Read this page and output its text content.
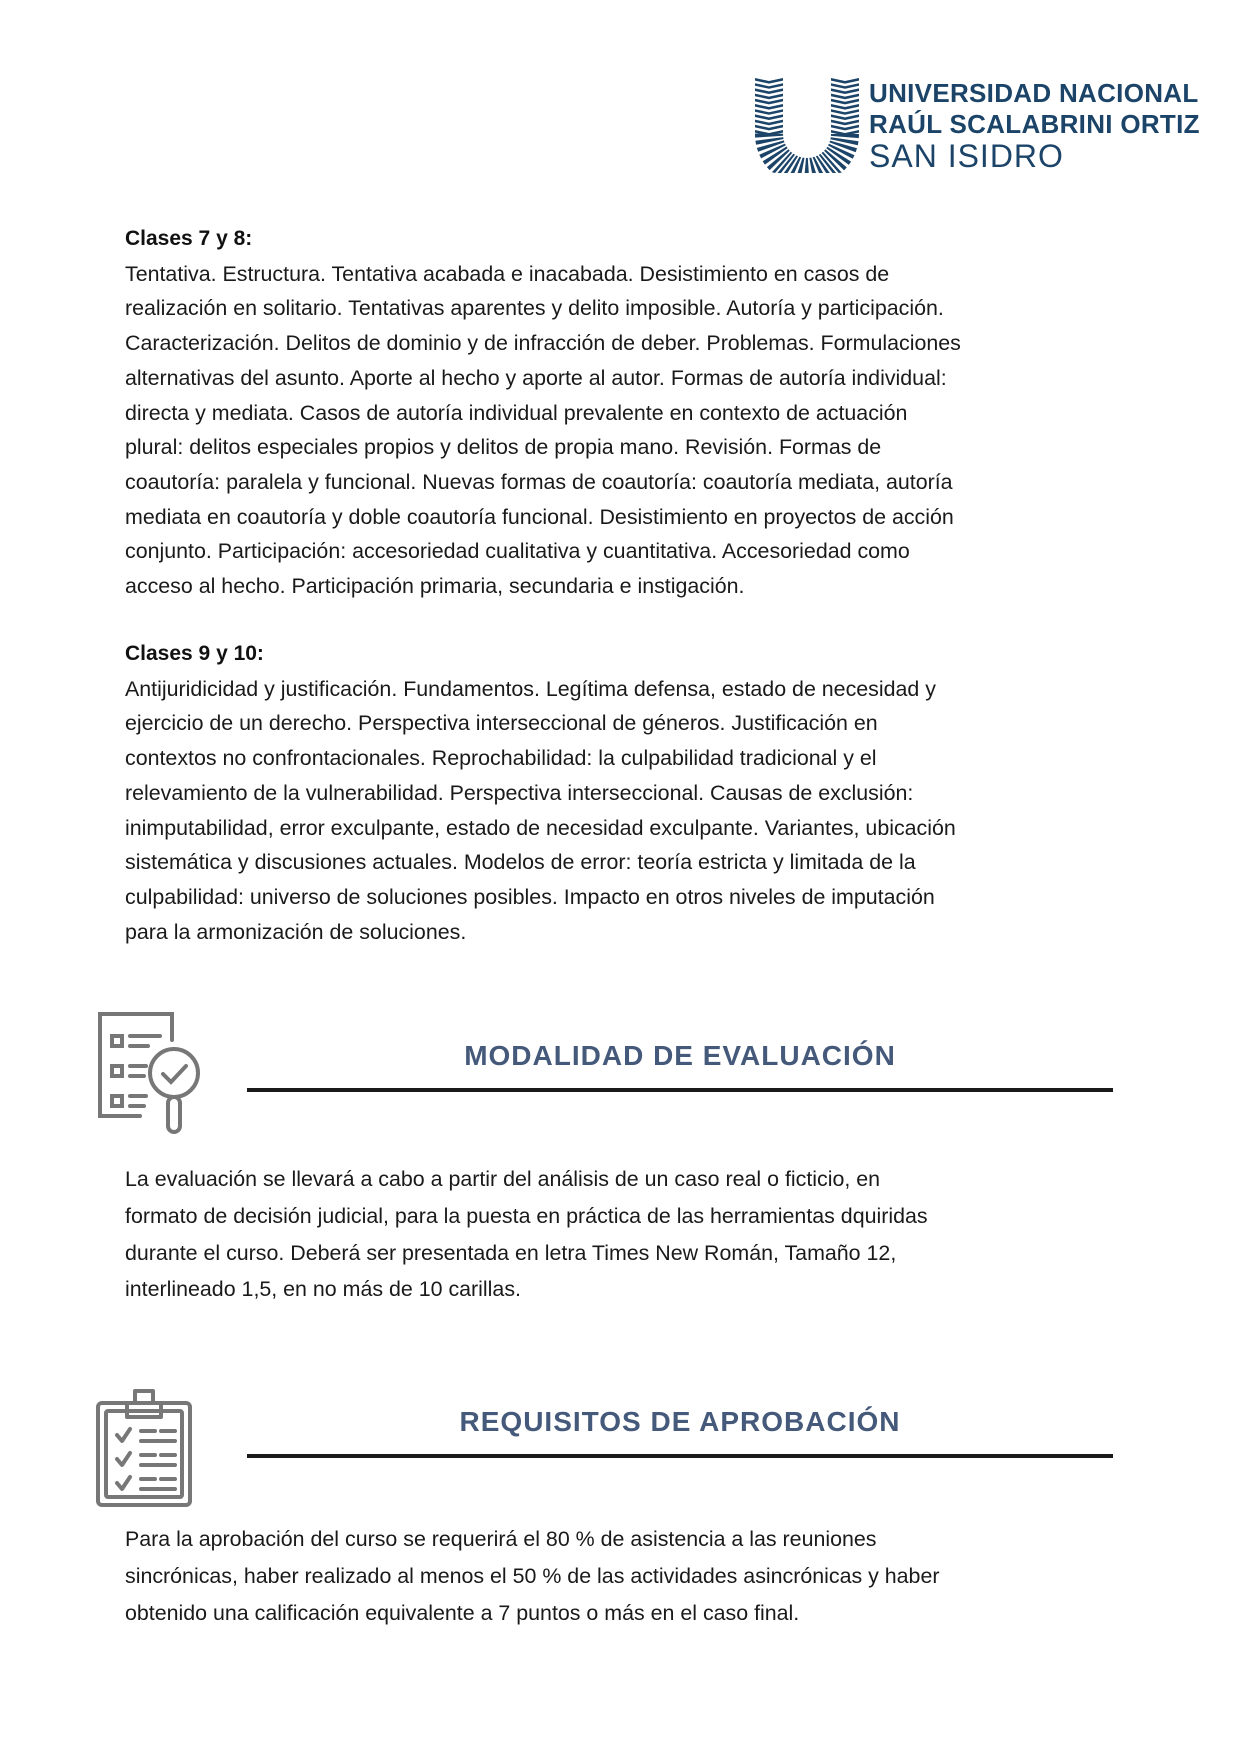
UNIVERSIDAD NACIONAL
RAÚL SCALABRINI ORTIZ
SAN ISIDRO
Clases 7 y 8:

Tentativa. Estructura. Tentativa acabada e inacabada. Desistimiento en casos de
realización en solitario. Tentativas aparentes y delito imposible. Autoría y participación.
Caracterización. Delitos de dominio y de infracción de deber. Problemas. Formulaciones
alternativas del asunto. Aporte al hecho y aporte al autor. Formas de autoría individual:
directa y mediata. Casos de autoría individual prevalente en contexto de actuación
plural: delitos especiales propios y delitos de propia mano. Revisión. Formas de
coautoría: paralela y funcional. Nuevas formas de coautoría: coautoría mediata, autoría
mediata en coautoría y doble coautoría funcional. Desistimiento en proyectos de acción
conjunto. Participación: accesoriedad cualitativa y cuantitativa. Accesoriedad como
acceso al hecho. Participación primaria, secundaria e instigación.

Clases 9 y 10:

Antijuridicidad y justificación. Fundamentos. Legítima defensa, estado de necesidad y
ejercicio de un derecho. Perspectiva interseccional de géneros. Justificación en
contextos no confrontacionales. Reprochabilidad: la culpabilidad tradicional y el
relevamiento de la vulnerabilidad. Perspectiva interseccional. Causas de exclusión:
inimputabilidad, error exculpante, estado de necesidad exculpante. Variantes, ubicación
sistemática y discusiones actuales. Modelos de error: teoría estricta y limitada de la
culpabilidad: universo de soluciones posibles. Impacto en otros niveles de imputación
para la armonización de soluciones.

MODALIDAD DE EVALUACIÓN

La evaluación se llevará a cabo a partir del análisis de un caso real o ficticio, en
formato de decisión judicial, para la puesta en práctica de las herramientas dquiridas
durante el curso. Deberá ser presentada en letra Times New Román, Tamaño 12,
interlineado 1,5, en no más de 10 carillas.

REQUISITOS DE APROBACIÓN

Para la aprobación del curso se requerirá el 80 % de asistencia a las reuniones
sincrónicas, haber realizado al menos el 50 % de las actividades asincrónicas y haber
obtenido una calificación equivalente a 7 puntos o más en el caso final.
